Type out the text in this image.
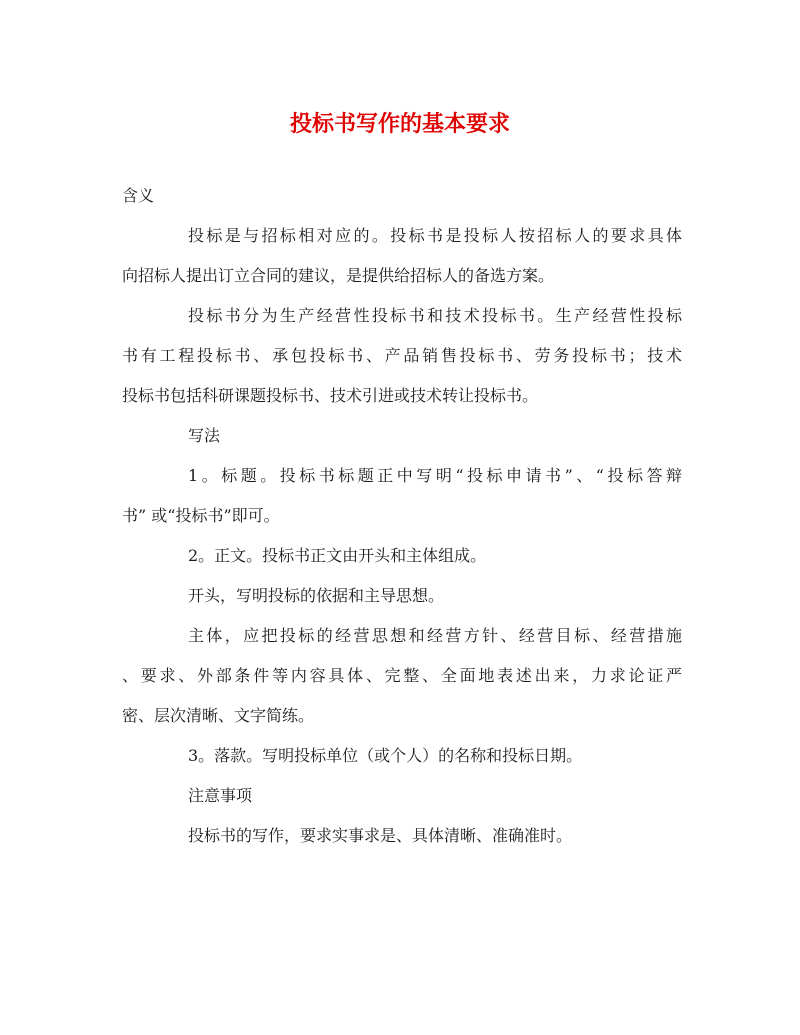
投标书写作的基本要求

含义

投标是与招标相对应的。投标书是投标人按招标人的要求具体

向招标人提出订立合同的建议，是提供给招标人的备选方案。

投标书分为生产经营性投标书和技术投标书。生产经营性投标

书有工程投标书、承包投标书、产品销售投标书、劳务投标书；技术

投标书包括科研课题投标书、技术引进或技术转让投标书。

写法

1。标题。投标书标题正中写明“投标申请书”、“投标答辩

书” 或“投标书”即可。

2。正文。投标书正文由开头和主体组成。

开头，写明投标的依据和主导思想。

主体，应把投标的经营思想和经营方针、经营目标、经营措施

、要求、外部条件等内容具体、完整、全面地表述出来，力求论证严

密、层次清晰、文字简练。

3。落款。写明投标单位（或个人）的名称和投标日期。

注意事项

投标书的写作，要求实事求是、具体清晰、准确准时。
